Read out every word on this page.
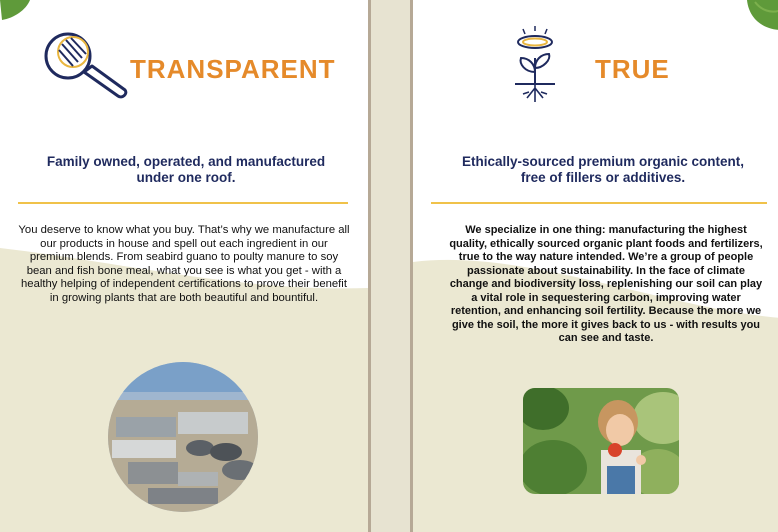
TRANSPARENT
Family owned, operated, and manufactured under one roof.
You deserve to know what you buy. That’s why we manufacture all our products in house and spell out each ingredient in our premium blends. From seabird guano to poulty manure to soy bean and fish bone meal, what you see is what you get - with a healthy helping of independent certifications to prove their benefit in growing plants that are both beautiful and bountiful.
TRUE
Ethically-sourced premium organic content, free of fillers or additives.
We specialize in one thing: manufacturing the highest quality, ethically sourced organic plant foods and fertilizers, true to the way nature intended. We’re a group of people passionate about sustainability. In the face of climate change and biodiversity loss, replenishing our soil can play a vital role in sequestering carbon, improving water retention, and enhancing soil fertility. Because the more we give the soil, the more it gives back to us - with results you can see and taste.
